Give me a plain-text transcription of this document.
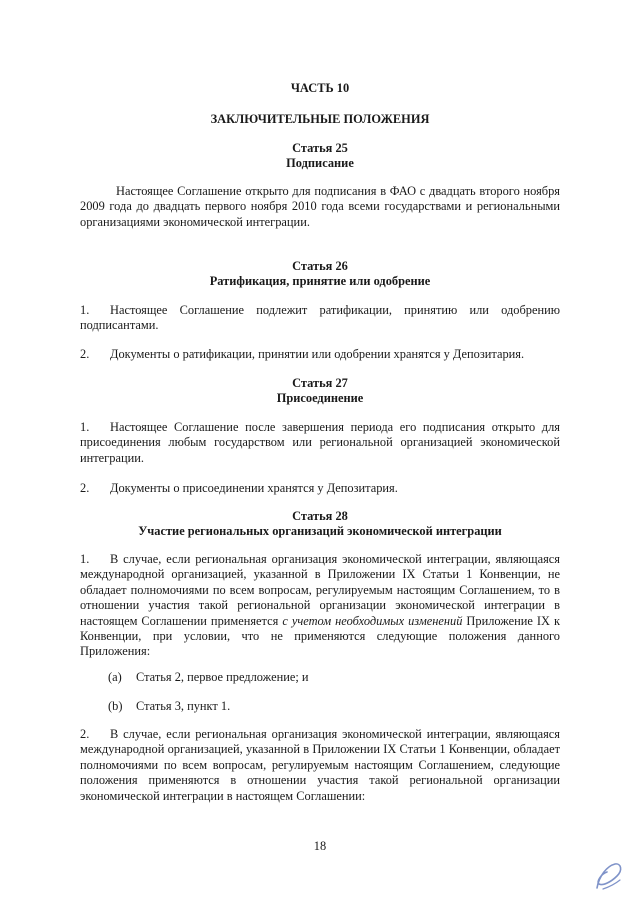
ЧАСТЬ 10
ЗАКЛЮЧИТЕЛЬНЫЕ ПОЛОЖЕНИЯ
Статья 25
Подписание
Настоящее Соглашение открыто для подписания в ФАО с двадцать второго ноября 2009 года до двадцать первого ноября 2010 года всеми государствами и региональными организациями экономической интеграции.
Статья 26
Ратификация, принятие или одобрение
1. Настоящее Соглашение подлежит ратификации, принятию или одобрению подписантами.
2. Документы о ратификации, принятии или одобрении хранятся у Депозитария.
Статья 27
Присоединение
1. Настоящее Соглашение после завершения периода его подписания открыто для присоединения любым государством или региональной организацией экономической интеграции.
2. Документы о присоединении хранятся у Депозитария.
Статья 28
Участие региональных организаций экономической интеграции
1. В случае, если региональная организация экономической интеграции, являющаяся международной организацией, указанной в Приложении IX Статьи 1 Конвенции, не обладает полномочиями по всем вопросам, регулируемым настоящим Соглашением, то в отношении участия такой региональной организации экономической интеграции в настоящем Соглашении применяется с учетом необходимых изменений Приложение IX к Конвенции, при условии, что не применяются следующие положения данного Приложения:
(a) Статья 2, первое предложение; и
(b) Статья 3, пункт 1.
2. В случае, если региональная организация экономической интеграции, являющаяся международной организацией, указанной в Приложении IX Статьи 1 Конвенции, обладает полномочиями по всем вопросам, регулируемым настоящим Соглашением, следующие положения применяются в отношении участия такой региональной организации экономической интеграции в настоящем Соглашении:
18
